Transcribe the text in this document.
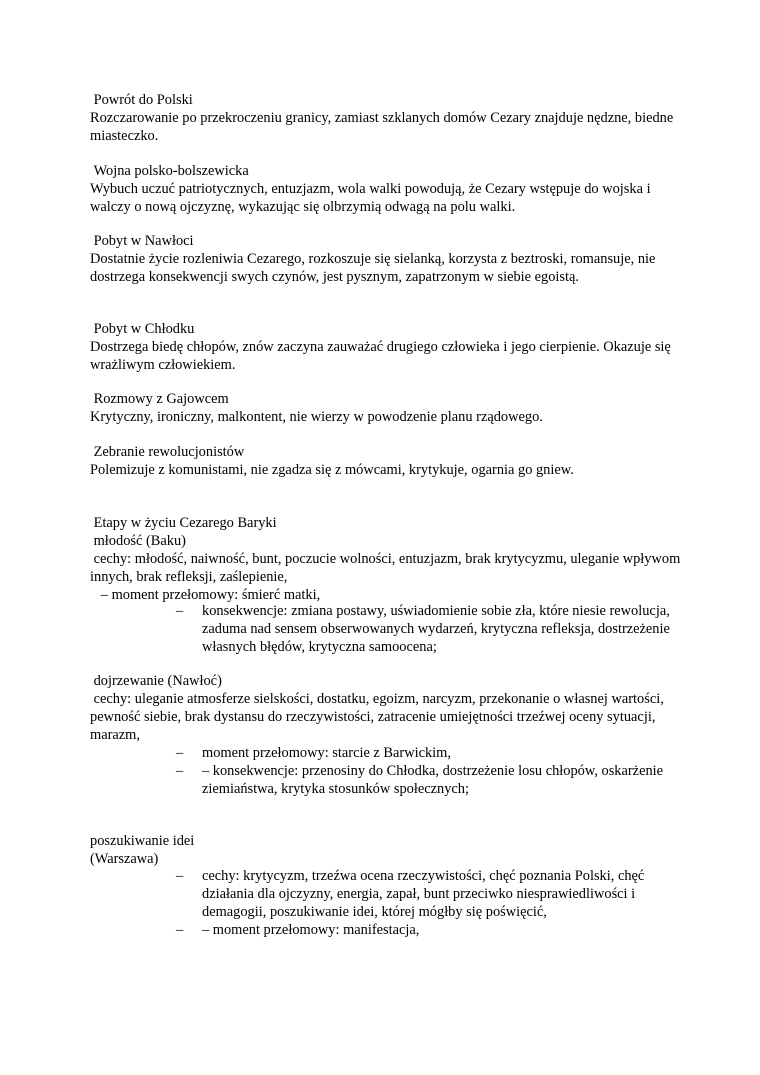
Powrót do Polski

Rozczarowanie po przekroczeniu granicy, zamiast szklanych domów Cezary znajduje nędzne, biedne miasteczko.

Wojna polsko-bolszewicka

Wybuch uczuć patriotycznych, entuzjazm, wola walki powodują, że Cezary wstępuje do wojska i walczy o nową ojczyznę, wykazując się olbrzymią odwagą na polu walki.

Pobyt w Nawłoci

Dostatnie życie rozleniwia Cezarego, rozkoszuje się sielanką, korzysta z beztroski, romansuje, nie dostrzega konsekwencji swych czynów, jest pysznym, zapatrzonym w siebie egoistą.

Pobyt w Chłodku

Dostrzega biedę chłopów, znów zaczyna zauważać drugiego człowieka i jego cierpienie. Okazuje się wrażliwym człowiekiem.

Rozmowy z Gajowcem

Krytyczny, ironiczny, malkontent, nie wierzy w powodzenie planu rządowego.

Zebranie rewolucjonistów

Polemizuje z komunistami, nie zgadza się z mówcami, krytykuje, ogarnia go gniew.

Etapy w życiu Cezarego Baryki

młodość (Baku)

cechy: młodość, naiwność, bunt, poczucie wolności, entuzjazm, brak krytycyzmu, uleganie wpływom innych, brak refleksji, zaślepienie,

– moment przełomowy: śmierć matki,

– konsekwencje: zmiana postawy, uświadomienie sobie zła, które niesie rewolucja, zaduma nad sensem obserwowanych wydarzeń, krytyczna refleksja, dostrzeżenie własnych błędów, krytyczna samoocena;

dojrzewanie (Nawłoć)

cechy: uleganie atmosferze sielskości, dostatku, egoizm, narcyzm, przekonanie o własnej wartości, pewność siebie, brak dystansu do rzeczywistości, zatracenie umiejętności trzeźwej oceny sytuacji, marazm,

– moment przełomowy: starcie z Barwickim,
– – konsekwencje: przenosiny do Chłodka, dostrzeżenie losu chłopów, oskarżenie ziemiaństwa, krytyka stosunków społecznych;

poszukiwanie idei

(Warszawa)

– cechy: krytycyzm, trzeźwa ocena rzeczywistości, chęć poznania Polski, chęć działania dla ojczyzny, energia, zapał, bunt przeciwko niesprawiedliwości i demagogii, poszukiwanie idei, której mógłby się poświęcić,
– – moment przełomowy: manifestacja,
